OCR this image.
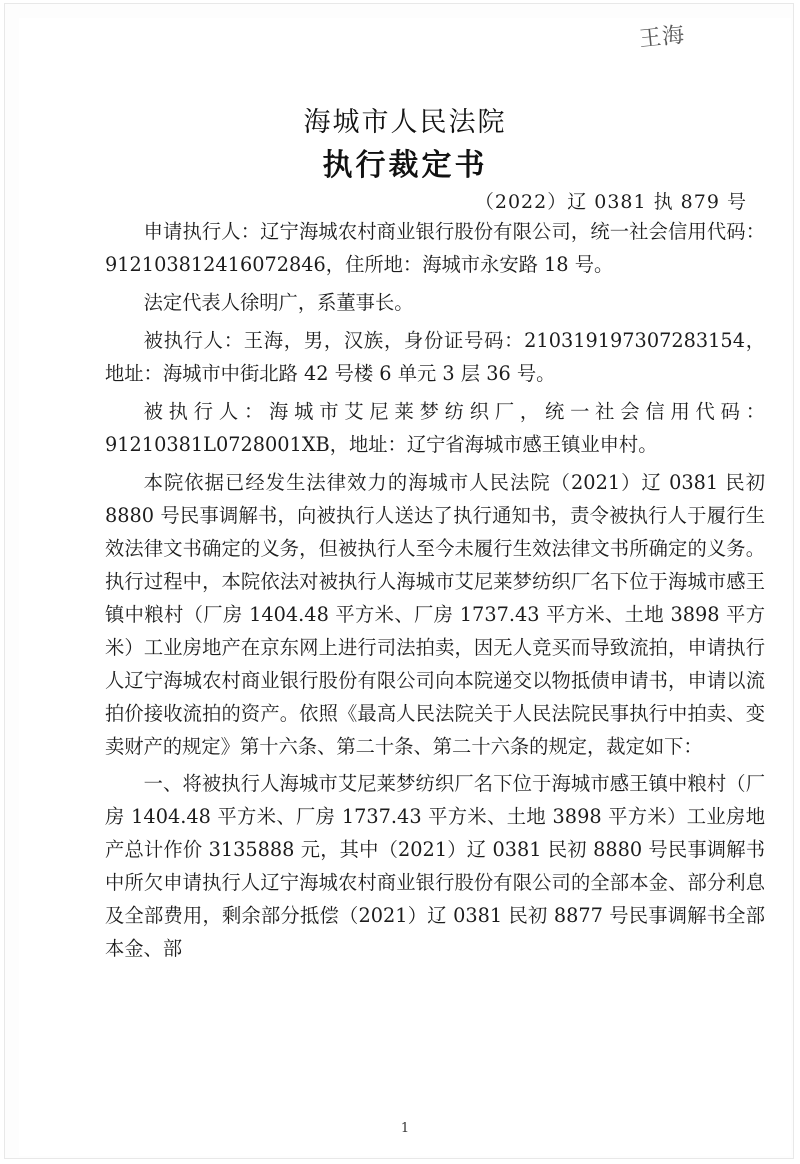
王海
海城市人民法院
执行裁定书
（2022）辽 0381 执 879 号

申请执行人：辽宁海城农村商业银行股份有限公司，统一社会信用代码：912103812416072846，住所地：海城市永安路 18 号。

法定代表人徐明广，系董事长。

被执行人：王海，男，汉族，身份证号码：210319197307283154，地址：海城市中街北路 42 号楼 6 单元 3 层 36 号。

被执行人：海城市艾尼莱梦纺织厂，统一社会信用代码：91210381L0728001XB，地址：辽宁省海城市感王镇业申村。

本院依据已经发生法律效力的海城市人民法院（2021）辽 0381 民初 8880 号民事调解书，向被执行人送达了执行通知书，责令被执行人于履行生效法律文书确定的义务，但被执行人至今未履行生效法律文书所确定的义务。执行过程中，本院依法对被执行人海城市艾尼莱梦纺织厂名下位于海城市感王镇中粮村（厂房 1404.48 平方米、厂房 1737.43 平方米、土地 3898 平方米）工业房地产在京东网上进行司法拍卖，因无人竞买而导致流拍，申请执行人辽宁海城农村商业银行股份有限公司向本院递交以物抵债申请书，申请以流拍价接收流拍的资产。依照《最高人民法院关于人民法院民事执行中拍卖、变卖财产的规定》第十六条、第二十条、第二十六条的规定，裁定如下：

一、将被执行人海城市艾尼莱梦纺织厂名下位于海城市感王镇中粮村（厂房 1404.48 平方米、厂房 1737.43 平方米、土地 3898 平方米）工业房地产总计作价 3135888 元，其中（2021）辽 0381 民初 8880 号民事调解书中所欠申请执行人辽宁海城农村商业银行股份有限公司的全部本金、部分利息及全部费用，剩余部分抵偿（2021）辽 0381 民初 8877 号民事调解书全部本金、部

1
